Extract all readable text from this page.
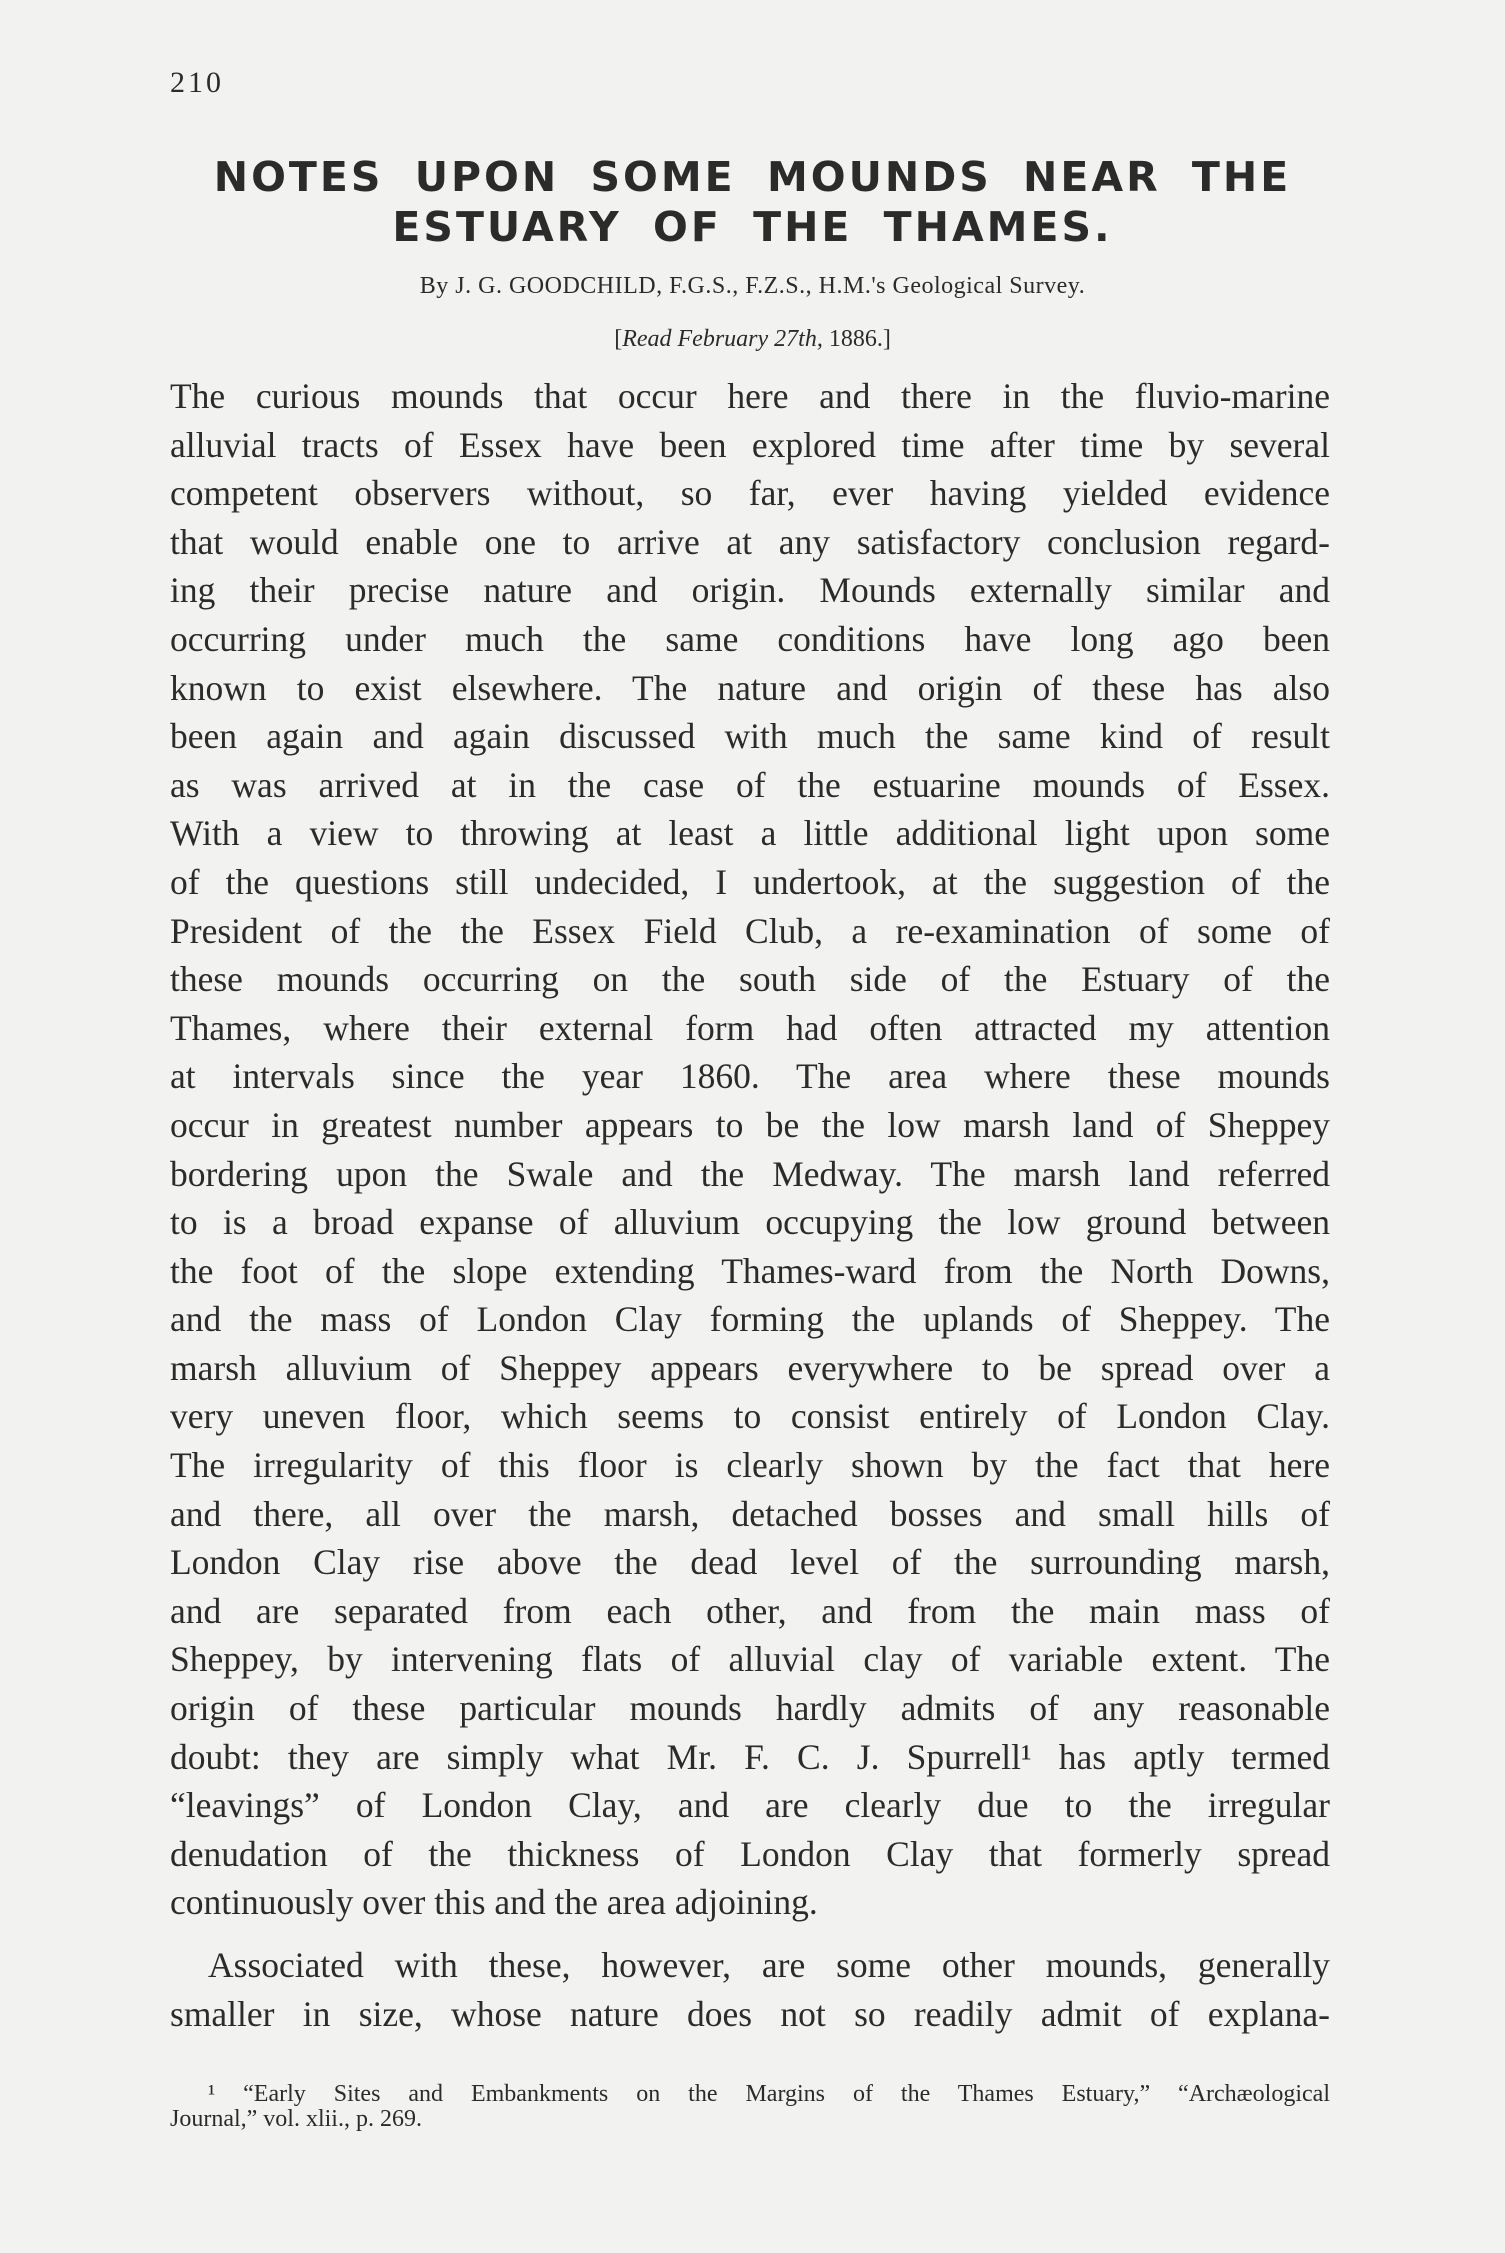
210
NOTES UPON SOME MOUNDS NEAR THE
ESTUARY OF THE THAMES.
By J. G. GOODCHILD, F.G.S., F.Z.S., H.M.'s Geological Survey.
[Read February 27th, 1886.]
The curious mounds that occur here and there in the fluvio-marine
alluvial tracts of Essex have been explored time after time by several
competent observers without, so far, ever having yielded evidence
that would enable one to arrive at any satisfactory conclusion regard-
ing their precise nature and origin. Mounds externally similar and
occurring under much the same conditions have long ago been
known to exist elsewhere. The nature and origin of these has also
been again and again discussed with much the same kind of result
as was arrived at in the case of the estuarine mounds of Essex.
With a view to throwing at least a little additional light upon some
of the questions still undecided, I undertook, at the suggestion of the
President of the the Essex Field Club, a re-examination of some of
these mounds occurring on the south side of the Estuary of the
Thames, where their external form had often attracted my attention
at intervals since the year 1860. The area where these mounds
occur in greatest number appears to be the low marsh land of Sheppey
bordering upon the Swale and the Medway. The marsh land referred
to is a broad expanse of alluvium occupying the low ground between
the foot of the slope extending Thames-ward from the North Downs,
and the mass of London Clay forming the uplands of Sheppey. The
marsh alluvium of Sheppey appears everywhere to be spread over a
very uneven floor, which seems to consist entirely of London Clay.
The irregularity of this floor is clearly shown by the fact that here
and there, all over the marsh, detached bosses and small hills of
London Clay rise above the dead level of the surrounding marsh,
and are separated from each other, and from the main mass of
Sheppey, by intervening flats of alluvial clay of variable extent. The
origin of these particular mounds hardly admits of any reasonable
doubt: they are simply what Mr. F. C. J. Spurrell¹ has aptly termed
“leavings” of London Clay, and are clearly due to the irregular
denudation of the thickness of London Clay that formerly spread
continuously over this and the area adjoining.
Associated with these, however, are some other mounds, generally
smaller in size, whose nature does not so readily admit of explana-
¹ “Early Sites and Embankments on the Margins of the Thames Estuary,” “Archæological
Journal,” vol. xlii., p. 269.
